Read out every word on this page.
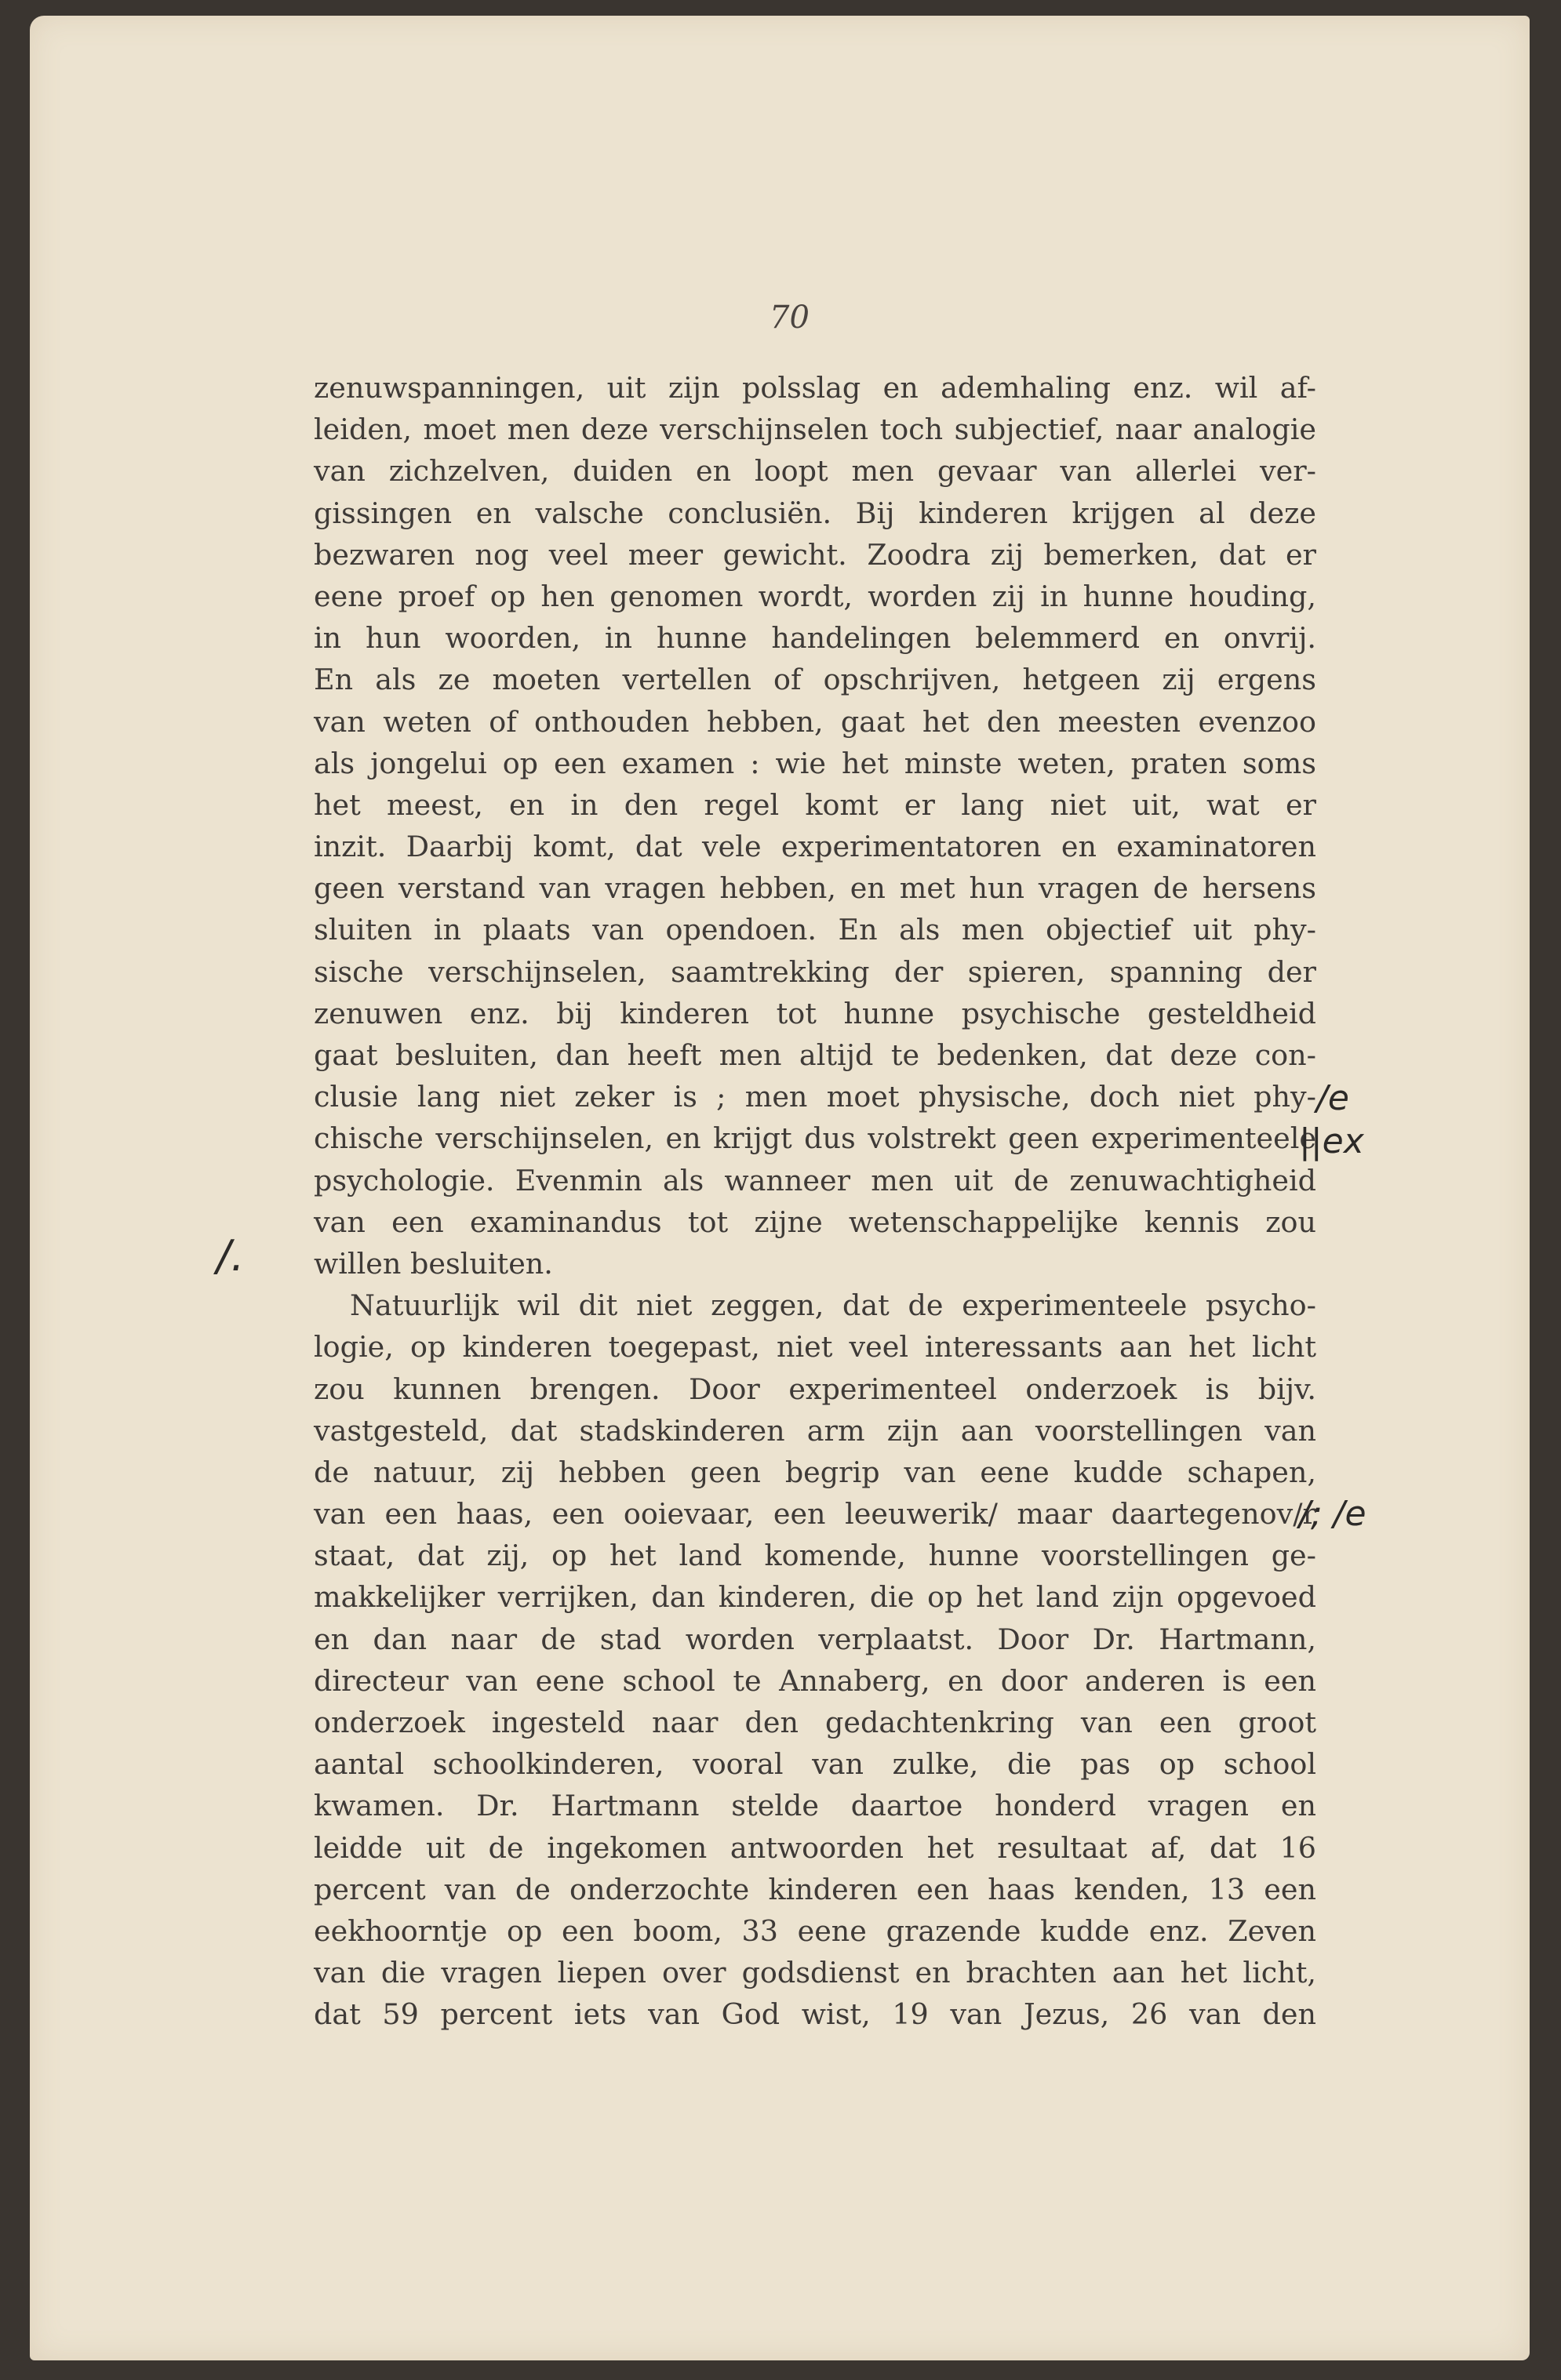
70
zenuwspanningen, uit zijn polsslag en ademhaling enz. wil af-
leiden, moet men deze verschijnselen toch subjectief, naar analogie
van zichzelven, duiden en loopt men gevaar van allerlei ver-
gissingen en valsche conclusiën. Bij kinderen krijgen al deze
bezwaren nog veel meer gewicht. Zoodra zij bemerken, dat er
eene proef op hen genomen wordt, worden zij in hunne houding,
in hun woorden, in hunne handelingen belemmerd en onvrij.
En als ze moeten vertellen of opschrijven, hetgeen zij ergens
van weten of onthouden hebben, gaat het den meesten evenzoo
als jongelui op een examen : wie het minste weten, praten soms
het meest, en in den regel komt er lang niet uit, wat er
inzit. Daarbij komt, dat vele experimentatoren en examinatoren
geen verstand van vragen hebben, en met hun vragen de hersens
sluiten in plaats van opendoen. En als men objectief uit phy-
sische verschijnselen, saamtrekking der spieren, spanning der
zenuwen enz. bij kinderen tot hunne psychische gesteldheid
gaat besluiten, dan heeft men altijd te bedenken, dat deze con-
clusie lang niet zeker is ; men moet physische, doch niet phy-
chische verschijnselen, en krijgt dus volstrekt geen experimenteele
psychologie. Evenmin als wanneer men uit de zenuwachtigheid
van een examinandus tot zijne wetenschappelijke kennis zou
willen besluiten.
Natuurlijk wil dit niet zeggen, dat de experimenteele psycho-
logie, op kinderen toegepast, niet veel interessants aan het licht
zou kunnen brengen. Door experimenteel onderzoek is bijv.
vastgesteld, dat stadskinderen arm zijn aan voorstellingen van
de natuur, zij hebben geen begrip van eene kudde schapen,
van een haas, een ooievaar, een leeuwerik/ maar daartegenov/r
staat, dat zij, op het land komende, hunne voorstellingen ge-
makkelijker verrijken, dan kinderen, die op het land zijn opgevoed
en dan naar de stad worden verplaatst. Door Dr. Hartmann,
directeur van eene school te Annaberg, en door anderen is een
onderzoek ingesteld naar den gedachtenkring van een groot
aantal schoolkinderen, vooral van zulke, die pas op school
kwamen. Dr. Hartmann stelde daartoe honderd vragen en
leidde uit de ingekomen antwoorden het resultaat af, dat 16
percent van de onderzochte kinderen een haas kenden, 13 een
eekhoorntje op een boom, 33 eene grazende kudde enz. Zeven
van die vragen liepen over godsdienst en brachten aan het licht,
dat 59 percent iets van God wist, 19 van Jezus, 26 van den
/e
||ex
/.
/; /e
